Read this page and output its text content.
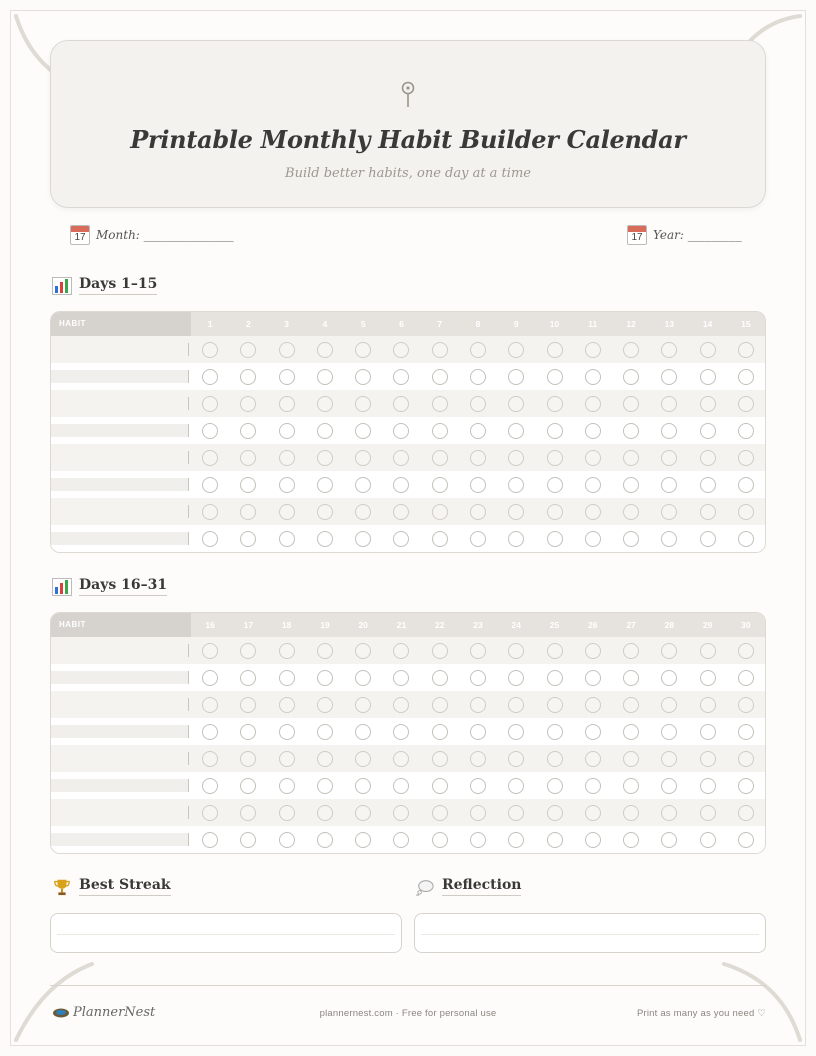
Printable Monthly Habit Builder Calendar
Build better habits, one day at a time
17 Month: _______________	17 Year: _________
Days 1–15
HABIT	1	2	3	4	5	6	7	8	9	10	11	12	13	14	15
Days 16–31
HABIT	16	17	18	19	20	21	22	23	24	25	26	27	28	29	30
Best Streak	Reflection
PlannerNest	plannernest.com · Free for personal use	Print as many as you need ♡
